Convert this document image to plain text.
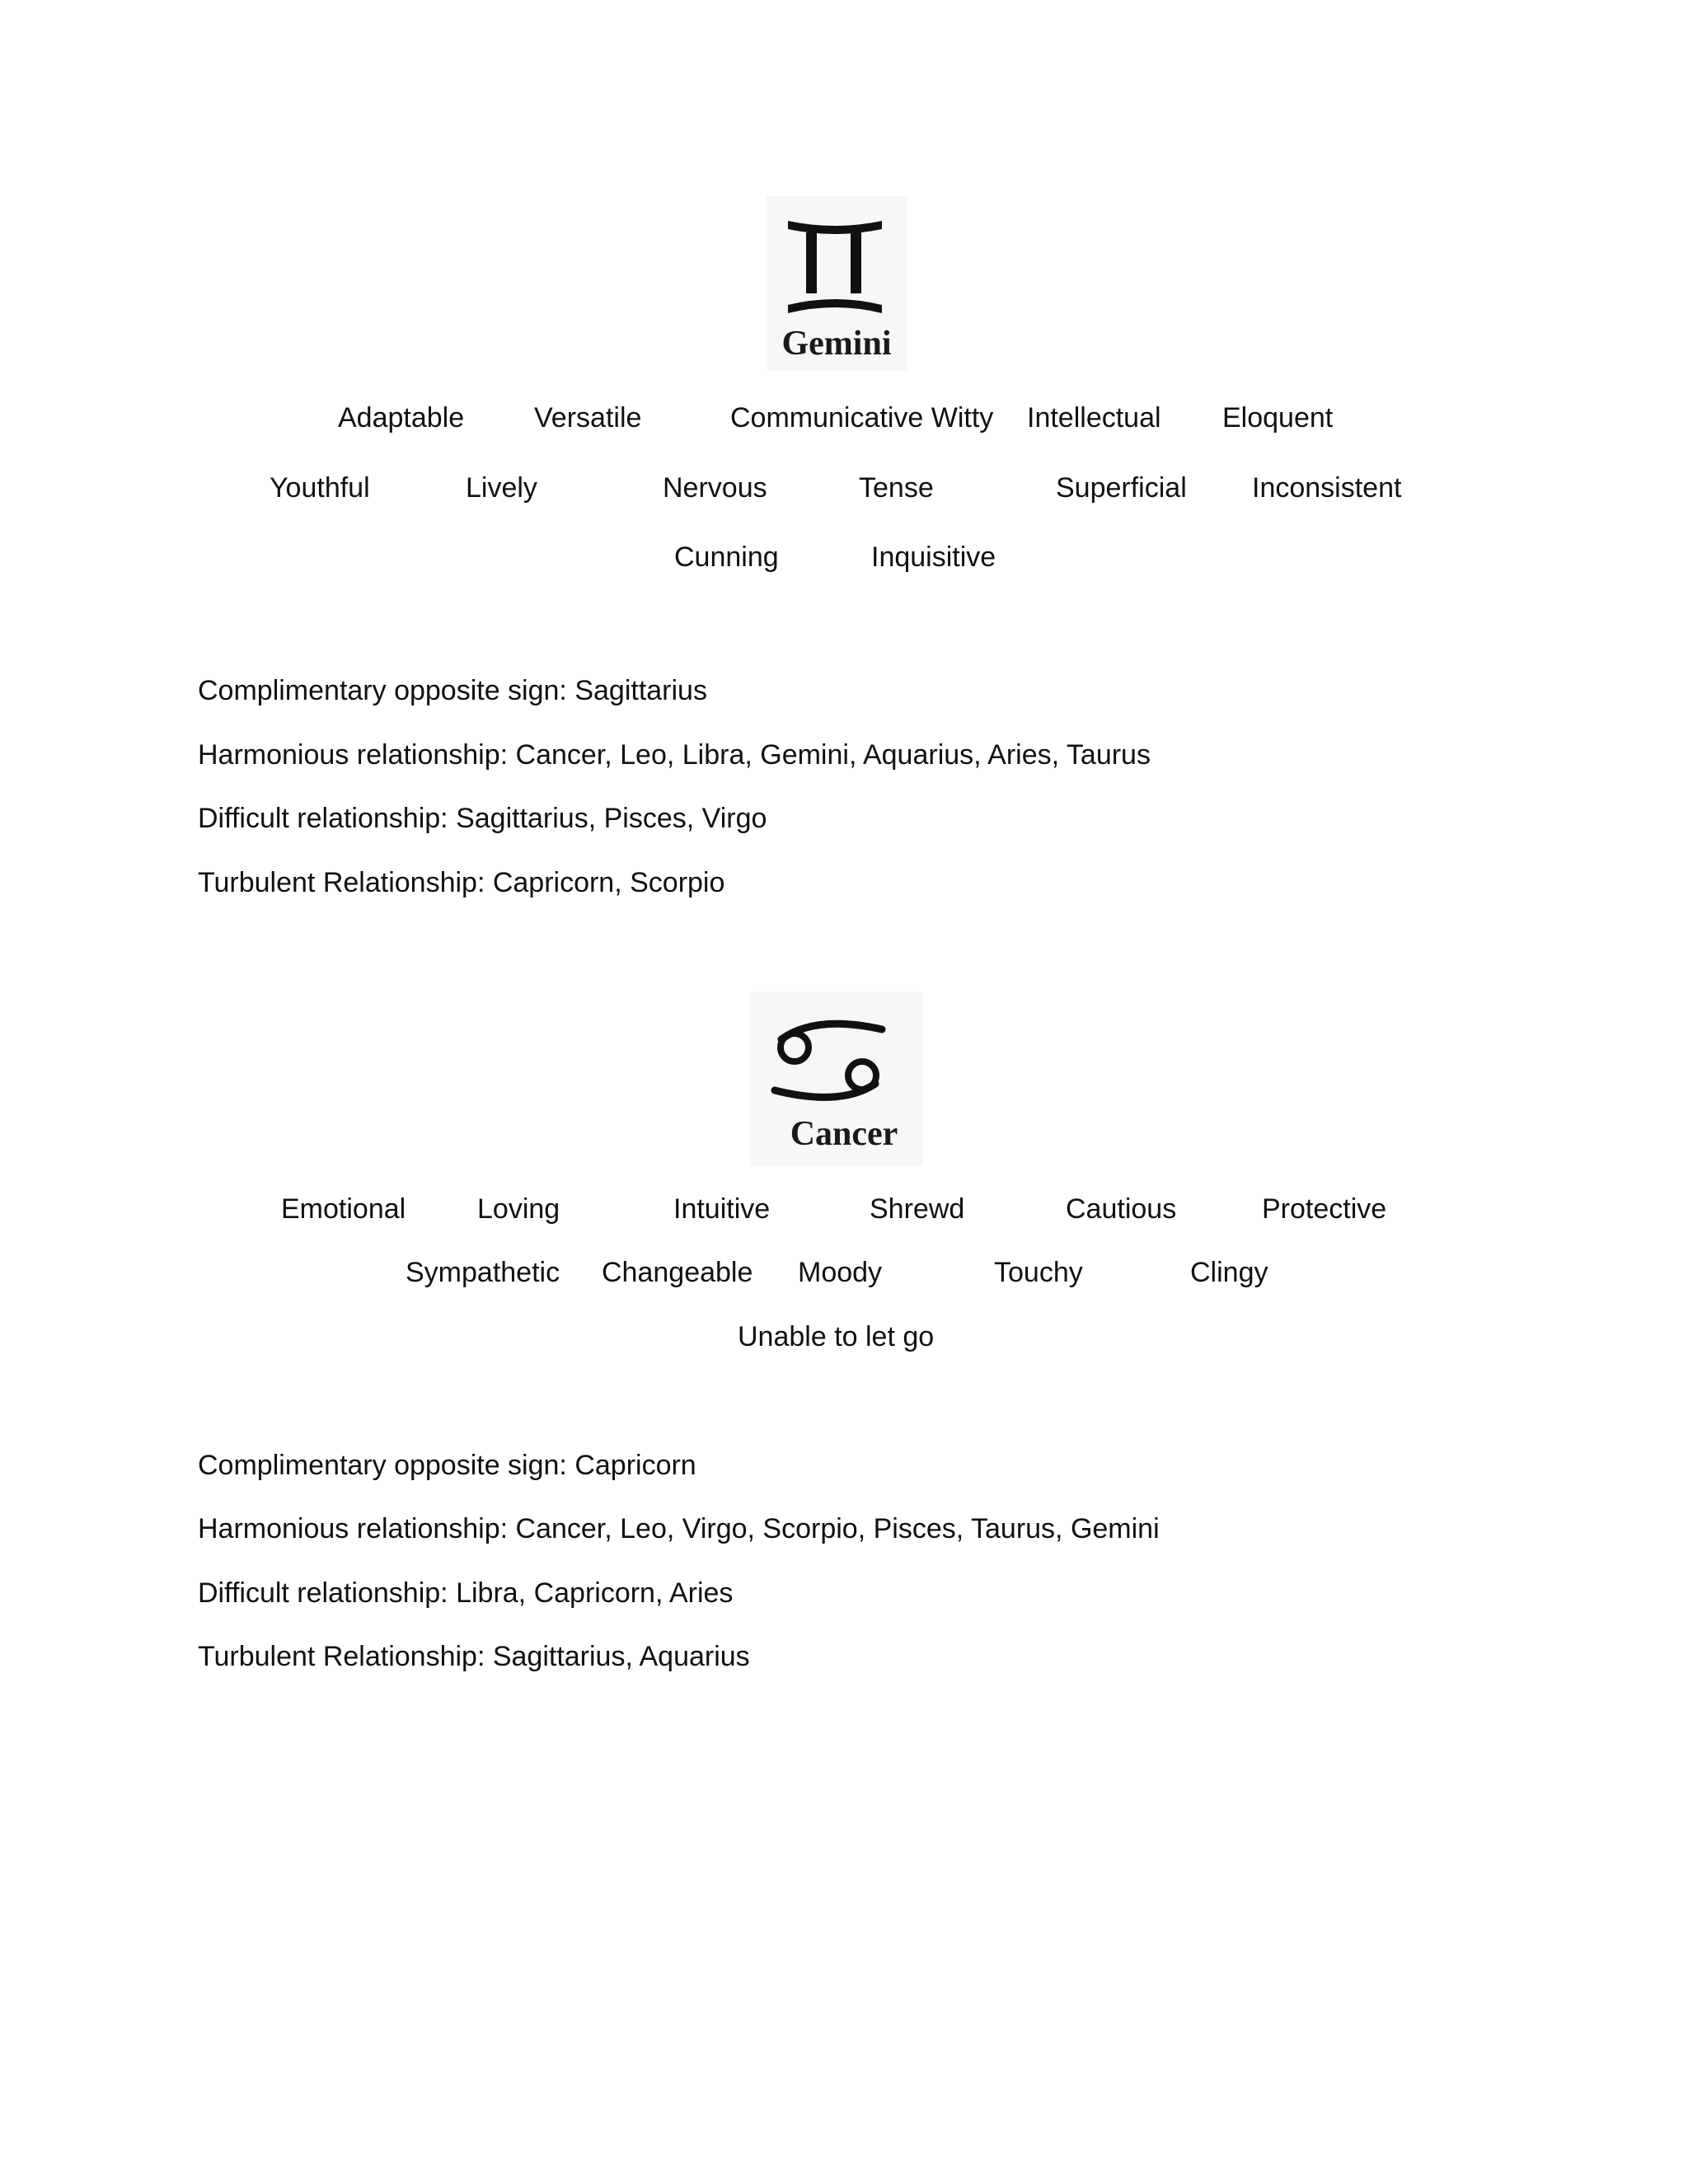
Gemini
Adaptable Versatile	Communicative Witty Intellectual Eloquent
Youthful	Lively	Nervous	Tense	Superficial Inconsistent
Cunning	Inquisitive
Complimentary opposite sign: Sagittarius
Harmonious relationship: Cancer, Leo, Libra, Gemini, Aquarius, Aries, Taurus
Difficult relationship: Sagittarius, Pisces, Virgo
Turbulent Relationship: Capricorn, Scorpio
Cancer
Emotional	Loving	Intuitive	Shrewd	Cautious	Protective
Sympathetic Changeable Moody	Touchy	Clingy
Unable to let go
Complimentary opposite sign: Capricorn
Harmonious relationship: Cancer, Leo, Virgo, Scorpio, Pisces, Taurus, Gemini
Difficult relationship: Libra, Capricorn, Aries
Turbulent Relationship: Sagittarius, Aquarius
